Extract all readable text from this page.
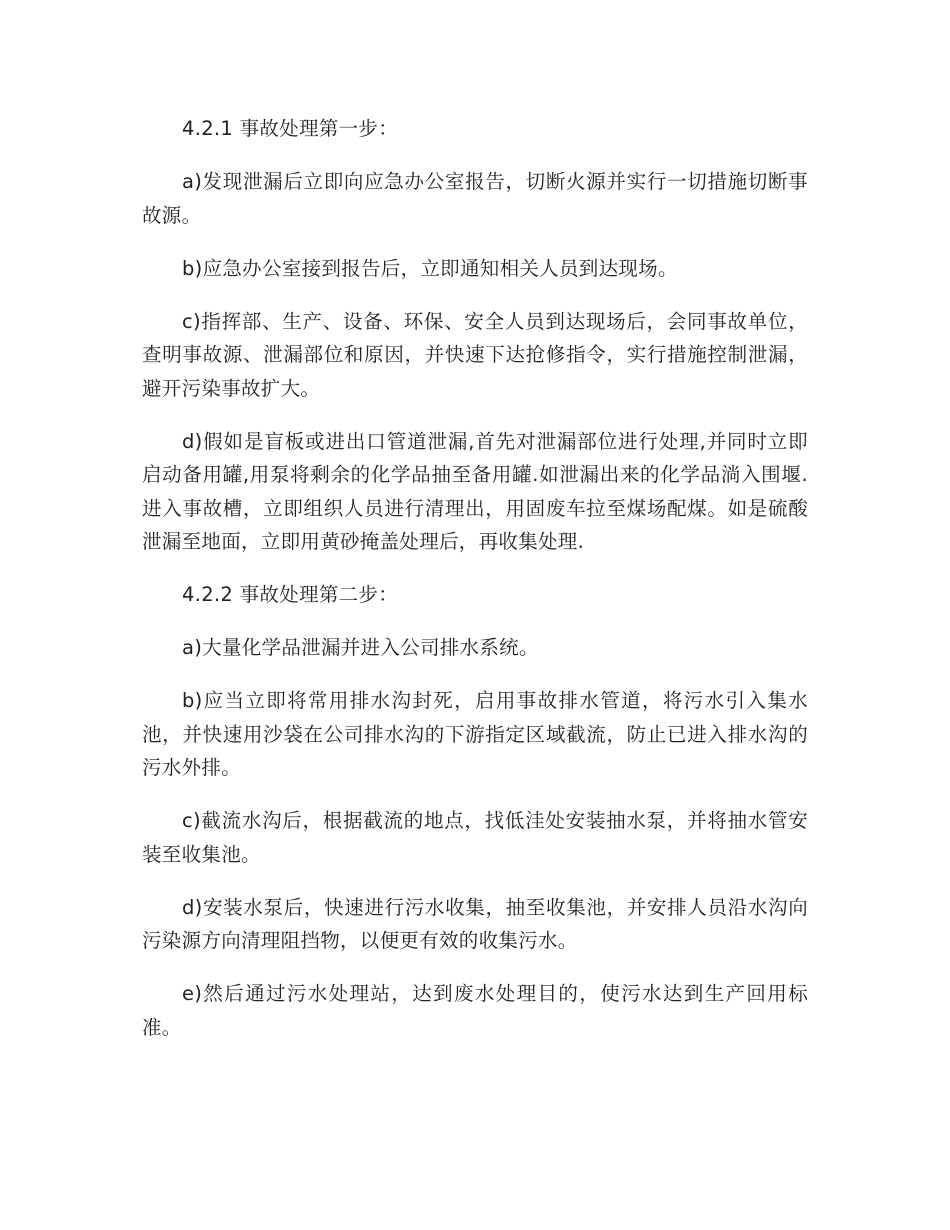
4.2.1 事故处理第一步：

a)发现泄漏后立即向应急办公室报告，切断火源并实行一切措施切断事故源。

b)应急办公室接到报告后，立即通知相关人员到达现场。

c)指挥部、生产、设备、环保、安全人员到达现场后，会同事故单位，查明事故源、泄漏部位和原因，并快速下达抢修指令，实行措施控制泄漏，避开污染事故扩大。

d)假如是盲板或进出口管道泄漏,首先对泄漏部位进行处理,并同时立即启动备用罐,用泵将剩余的化学品抽至备用罐.如泄漏出来的化学品淌入围堰.进入事故槽，立即组织人员进行清理出，用固废车拉至煤场配煤。如是硫酸泄漏至地面，立即用黄砂掩盖处理后，再收集处理.

4.2.2 事故处理第二步：

a)大量化学品泄漏并进入公司排水系统。

b)应当立即将常用排水沟封死，启用事故排水管道，将污水引入集水池，并快速用沙袋在公司排水沟的下游指定区域截流，防止已进入排水沟的污水外排。

c)截流水沟后，根据截流的地点，找低洼处安装抽水泵，并将抽水管安装至收集池。

d)安装水泵后，快速进行污水收集，抽至收集池，并安排人员沿水沟向污染源方向清理阻挡物，以便更有效的收集污水。

e)然后通过污水处理站，达到废水处理目的，使污水达到生产回用标准。
